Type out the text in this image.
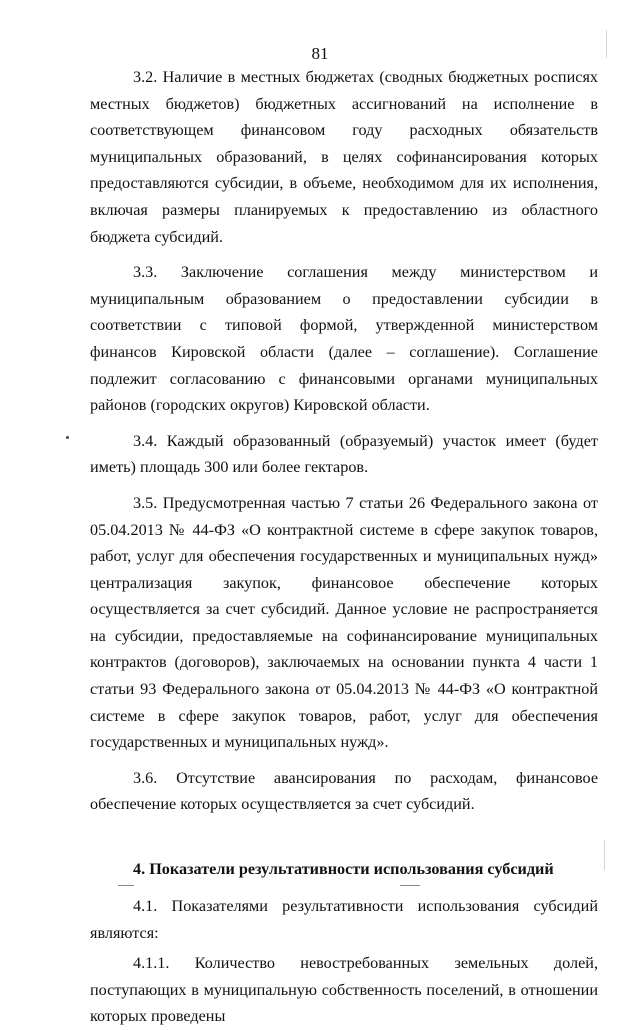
81

3.2. Наличие в местных бюджетах (сводных бюджетных росписях местных бюджетов) бюджетных ассигнований на исполнение в соответствующем финансовом году расходных обязательств муниципальных образований, в целях софинансирования которых предоставляются субсидии, в объеме, необходимом для их исполнения, включая размеры планируемых к предоставлению из областного бюджета субсидий.

3.3. Заключение соглашения между министерством и муниципальным образованием о предоставлении субсидии в соответствии с типовой формой, утвержденной министерством финансов Кировской области (далее – соглашение). Соглашение подлежит согласованию с финансовыми органами муниципальных районов (городских округов) Кировской области.

3.4. Каждый образованный (образуемый) участок имеет (будет иметь) площадь 300 или более гектаров.

3.5. Предусмотренная частью 7 статьи 26 Федерального закона от 05.04.2013 № 44-ФЗ «О контрактной системе в сфере закупок товаров, работ, услуг для обеспечения государственных и муниципальных нужд» централизация закупок, финансовое обеспечение которых осуществляется за счет субсидий. Данное условие не распространяется на субсидии, предоставляемые на софинансирование муниципальных контрактов (договоров), заключаемых на основании пункта 4 части 1 статьи 93 Федерального закона от 05.04.2013 № 44-ФЗ «О контрактной системе в сфере закупок товаров, работ, услуг для обеспечения государственных и муниципальных нужд».

3.6. Отсутствие авансирования по расходам, финансовое обеспечение которых осуществляется за счет субсидий.

4. Показатели результативности использования субсидий

4.1. Показателями результативности использования субсидий являются:

4.1.1. Количество невостребованных земельных долей, поступающих в муниципальную собственность поселений, в отношении которых проведены
